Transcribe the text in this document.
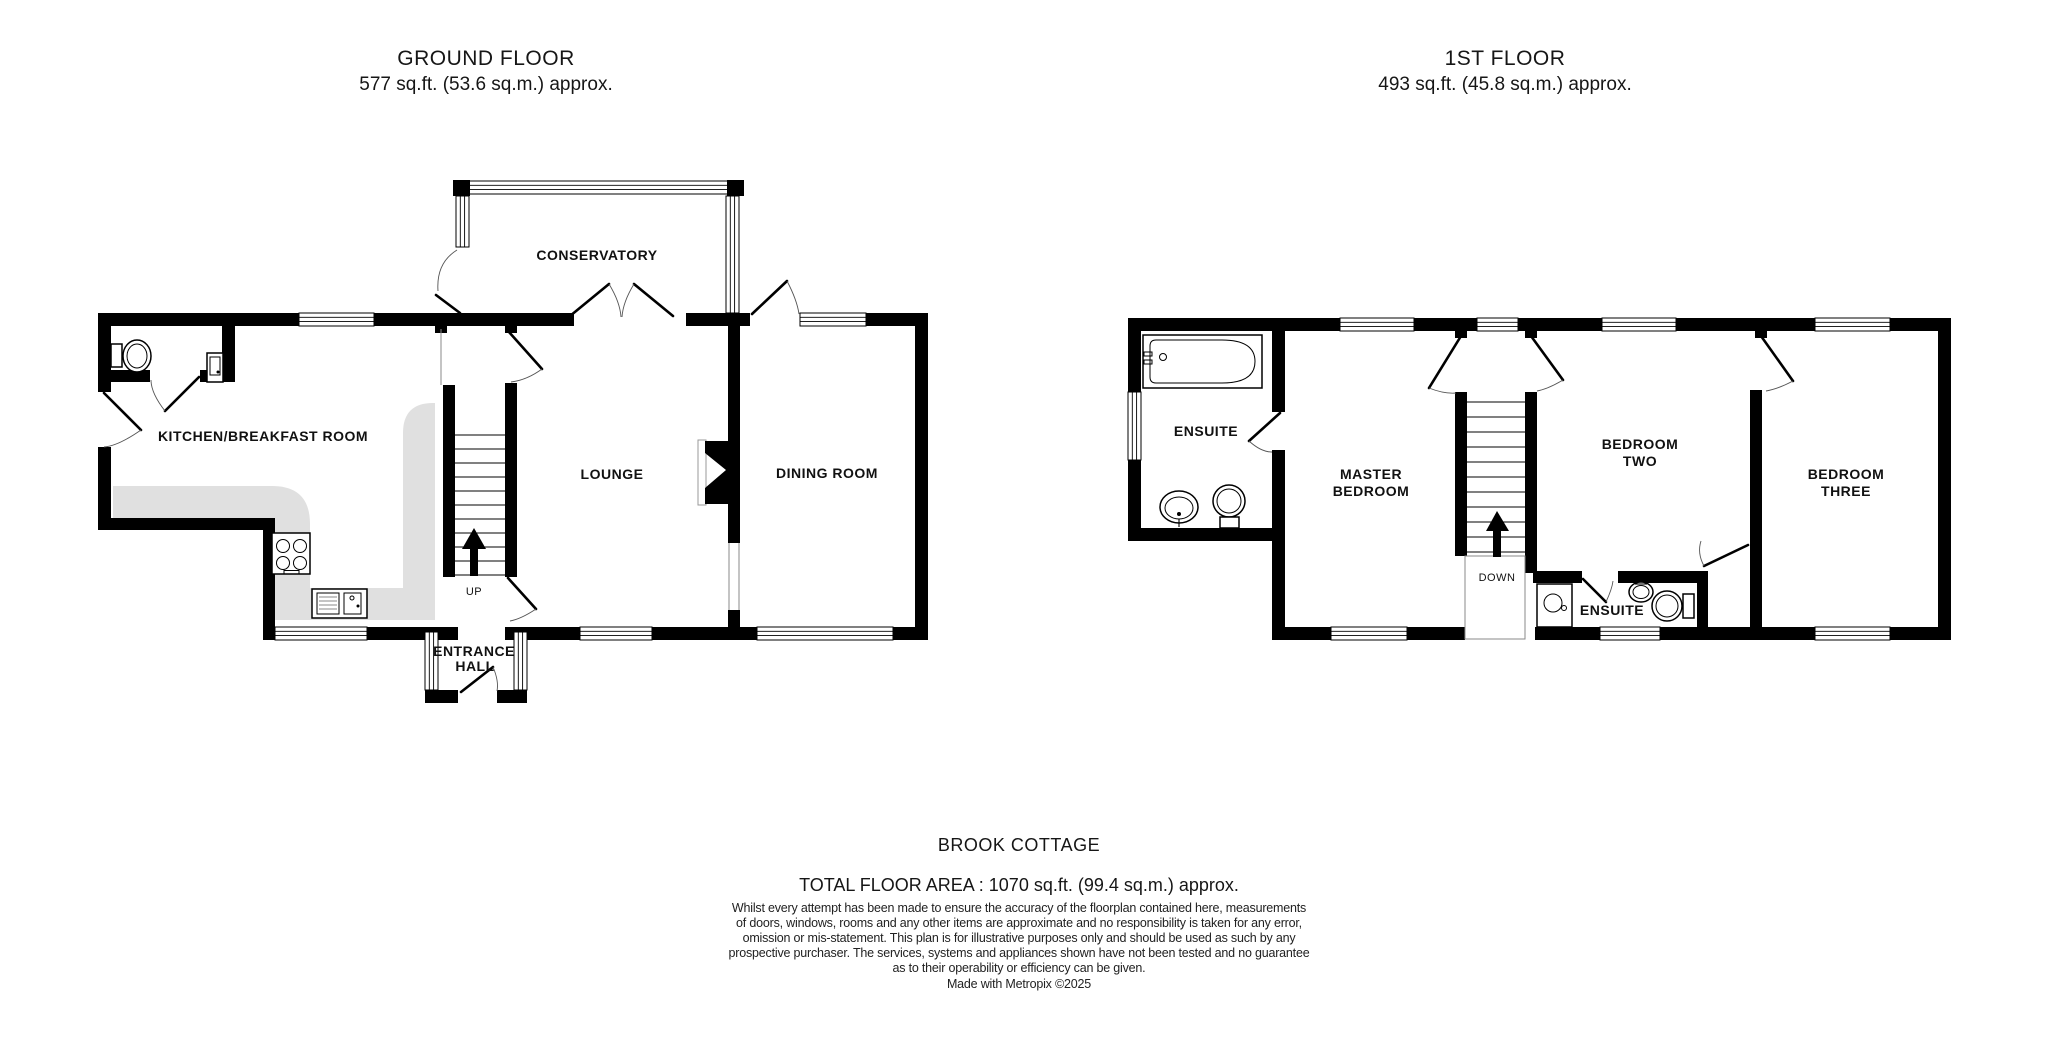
GROUND FLOOR
577 sq.ft. (53.6 sq.m.) approx.
1ST FLOOR
493 sq.ft. (45.8 sq.m.) approx.
KITCHEN/BREAKFAST ROOM
CONSERVATORY
LOUNGE	DINING ROOM
ENTRANCE
HALL
UP
ENSUITE
MASTER
BEDROOM
BEDROOM
TWO
BEDROOM
THREE
ENSUITE
DOWN
BROOK COTTAGE
TOTAL FLOOR AREA : 1070 sq.ft. (99.4 sq.m.) approx.
Whilst every attempt has been made to ensure the accuracy of the floorplan contained here, measurements
of doors, windows, rooms and any other items are approximate and no responsibility is taken for any error,
omission or mis-statement. This plan is for illustrative purposes only and should be used as such by any
prospective purchaser. The services, systems and appliances shown have not been tested and no guarantee
as to their operability or efficiency can be given.
Made with Metropix ©2025
